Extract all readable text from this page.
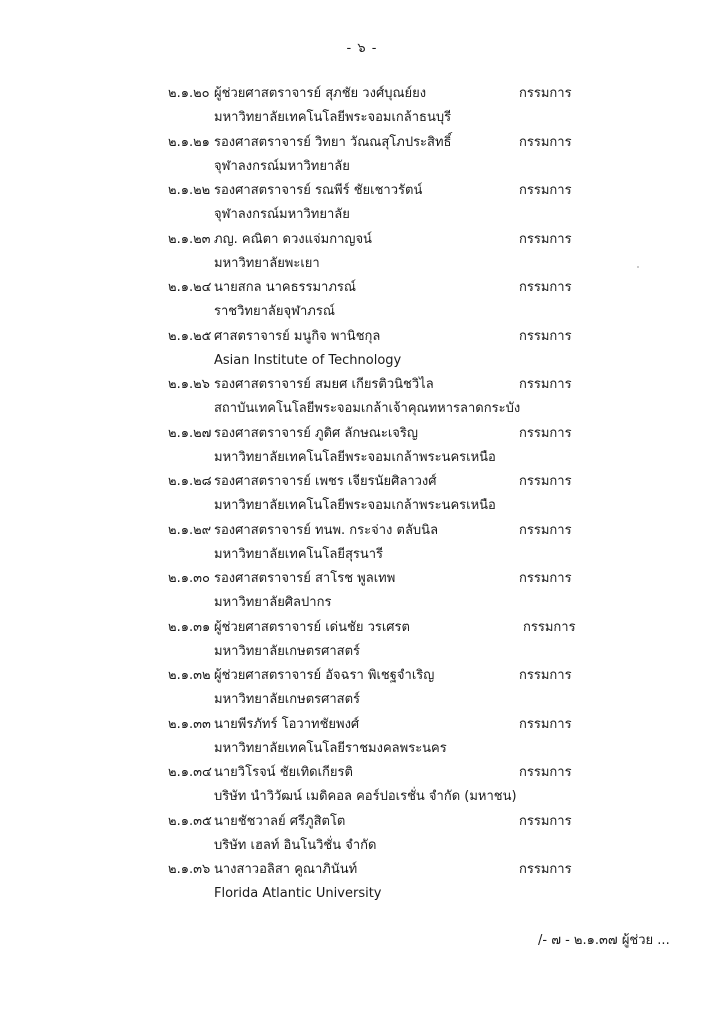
- ๖ -
๒.๑.๒๐ ผู้ช่วยศาสตราจารย์ สุภชัย วงศ์บุณย์ยง	กรรมการ
มหาวิทยาลัยเทคโนโลยีพระจอมเกล้าธนบุรี
๒.๑.๒๑ รองศาสตราจารย์ วิทยา วัณณสุโภประสิทธิ์	กรรมการ
จุฬาลงกรณ์มหาวิทยาลัย
๒.๑.๒๒ รองศาสตราจารย์ รณพีร์ ชัยเชาวรัตน์	กรรมการ
จุฬาลงกรณ์มหาวิทยาลัย
๒.๑.๒๓ ภญ. คณิตา ดวงแจ่มกาญจน์	กรรมการ
มหาวิทยาลัยพะเยา
๒.๑.๒๔ นายสกล นาคธรรมาภรณ์	กรรมการ
ราชวิทยาลัยจุฬาภรณ์
๒.๑.๒๕ ศาสตราจารย์ มนูกิจ พานิชกุล	กรรมการ
Asian Institute of Technology
๒.๑.๒๖ รองศาสตราจารย์ สมยศ เกียรติวนิชวิไล	กรรมการ
สถาบันเทคโนโลยีพระจอมเกล้าเจ้าคุณทหารลาดกระบัง
๒.๑.๒๗ รองศาสตราจารย์ ภูดิศ ลักษณะเจริญ	กรรมการ
มหาวิทยาลัยเทคโนโลยีพระจอมเกล้าพระนครเหนือ
๒.๑.๒๘ รองศาสตราจารย์ เพชร เจียรนัยศิลาวงศ์	กรรมการ
มหาวิทยาลัยเทคโนโลยีพระจอมเกล้าพระนครเหนือ
๒.๑.๒๙ รองศาสตราจารย์ ทนพ. กระจ่าง ตลับนิล	กรรมการ
มหาวิทยาลัยเทคโนโลยีสุรนารี
๒.๑.๓๐ รองศาสตราจารย์ สาโรช พูลเทพ	กรรมการ
มหาวิทยาลัยศิลปากร
๒.๑.๓๑ ผู้ช่วยศาสตราจารย์ เด่นชัย วรเศรต	กรรมการ
มหาวิทยาลัยเกษตรศาสตร์
๒.๑.๓๒ ผู้ช่วยศาสตราจารย์ อัจฉรา พิเชฐจำเริญ	กรรมการ
มหาวิทยาลัยเกษตรศาสตร์
๒.๑.๓๓ นายพีรภัทร์ โอวาทชัยพงศ์	กรรมการ
มหาวิทยาลัยเทคโนโลยีราชมงคลพระนคร
๒.๑.๓๔ นายวิโรจน์ ชัยเทิดเกียรติ	กรรมการ
บริษัท นำวิวัฒน์ เมดิคอล คอร์ปอเรชั่น จำกัด (มหาชน)
๒.๑.๓๕ นายชัชวาลย์ ศรีภูสิตโต	กรรมการ
บริษัท เฮลท์ อินโนวิชั่น จำกัด
๒.๑.๓๖ นางสาวอลิสา คูณาภินันท์	กรรมการ
Florida Atlantic University
/- ๗ - ๒.๑.๓๗ ผู้ช่วย ...
